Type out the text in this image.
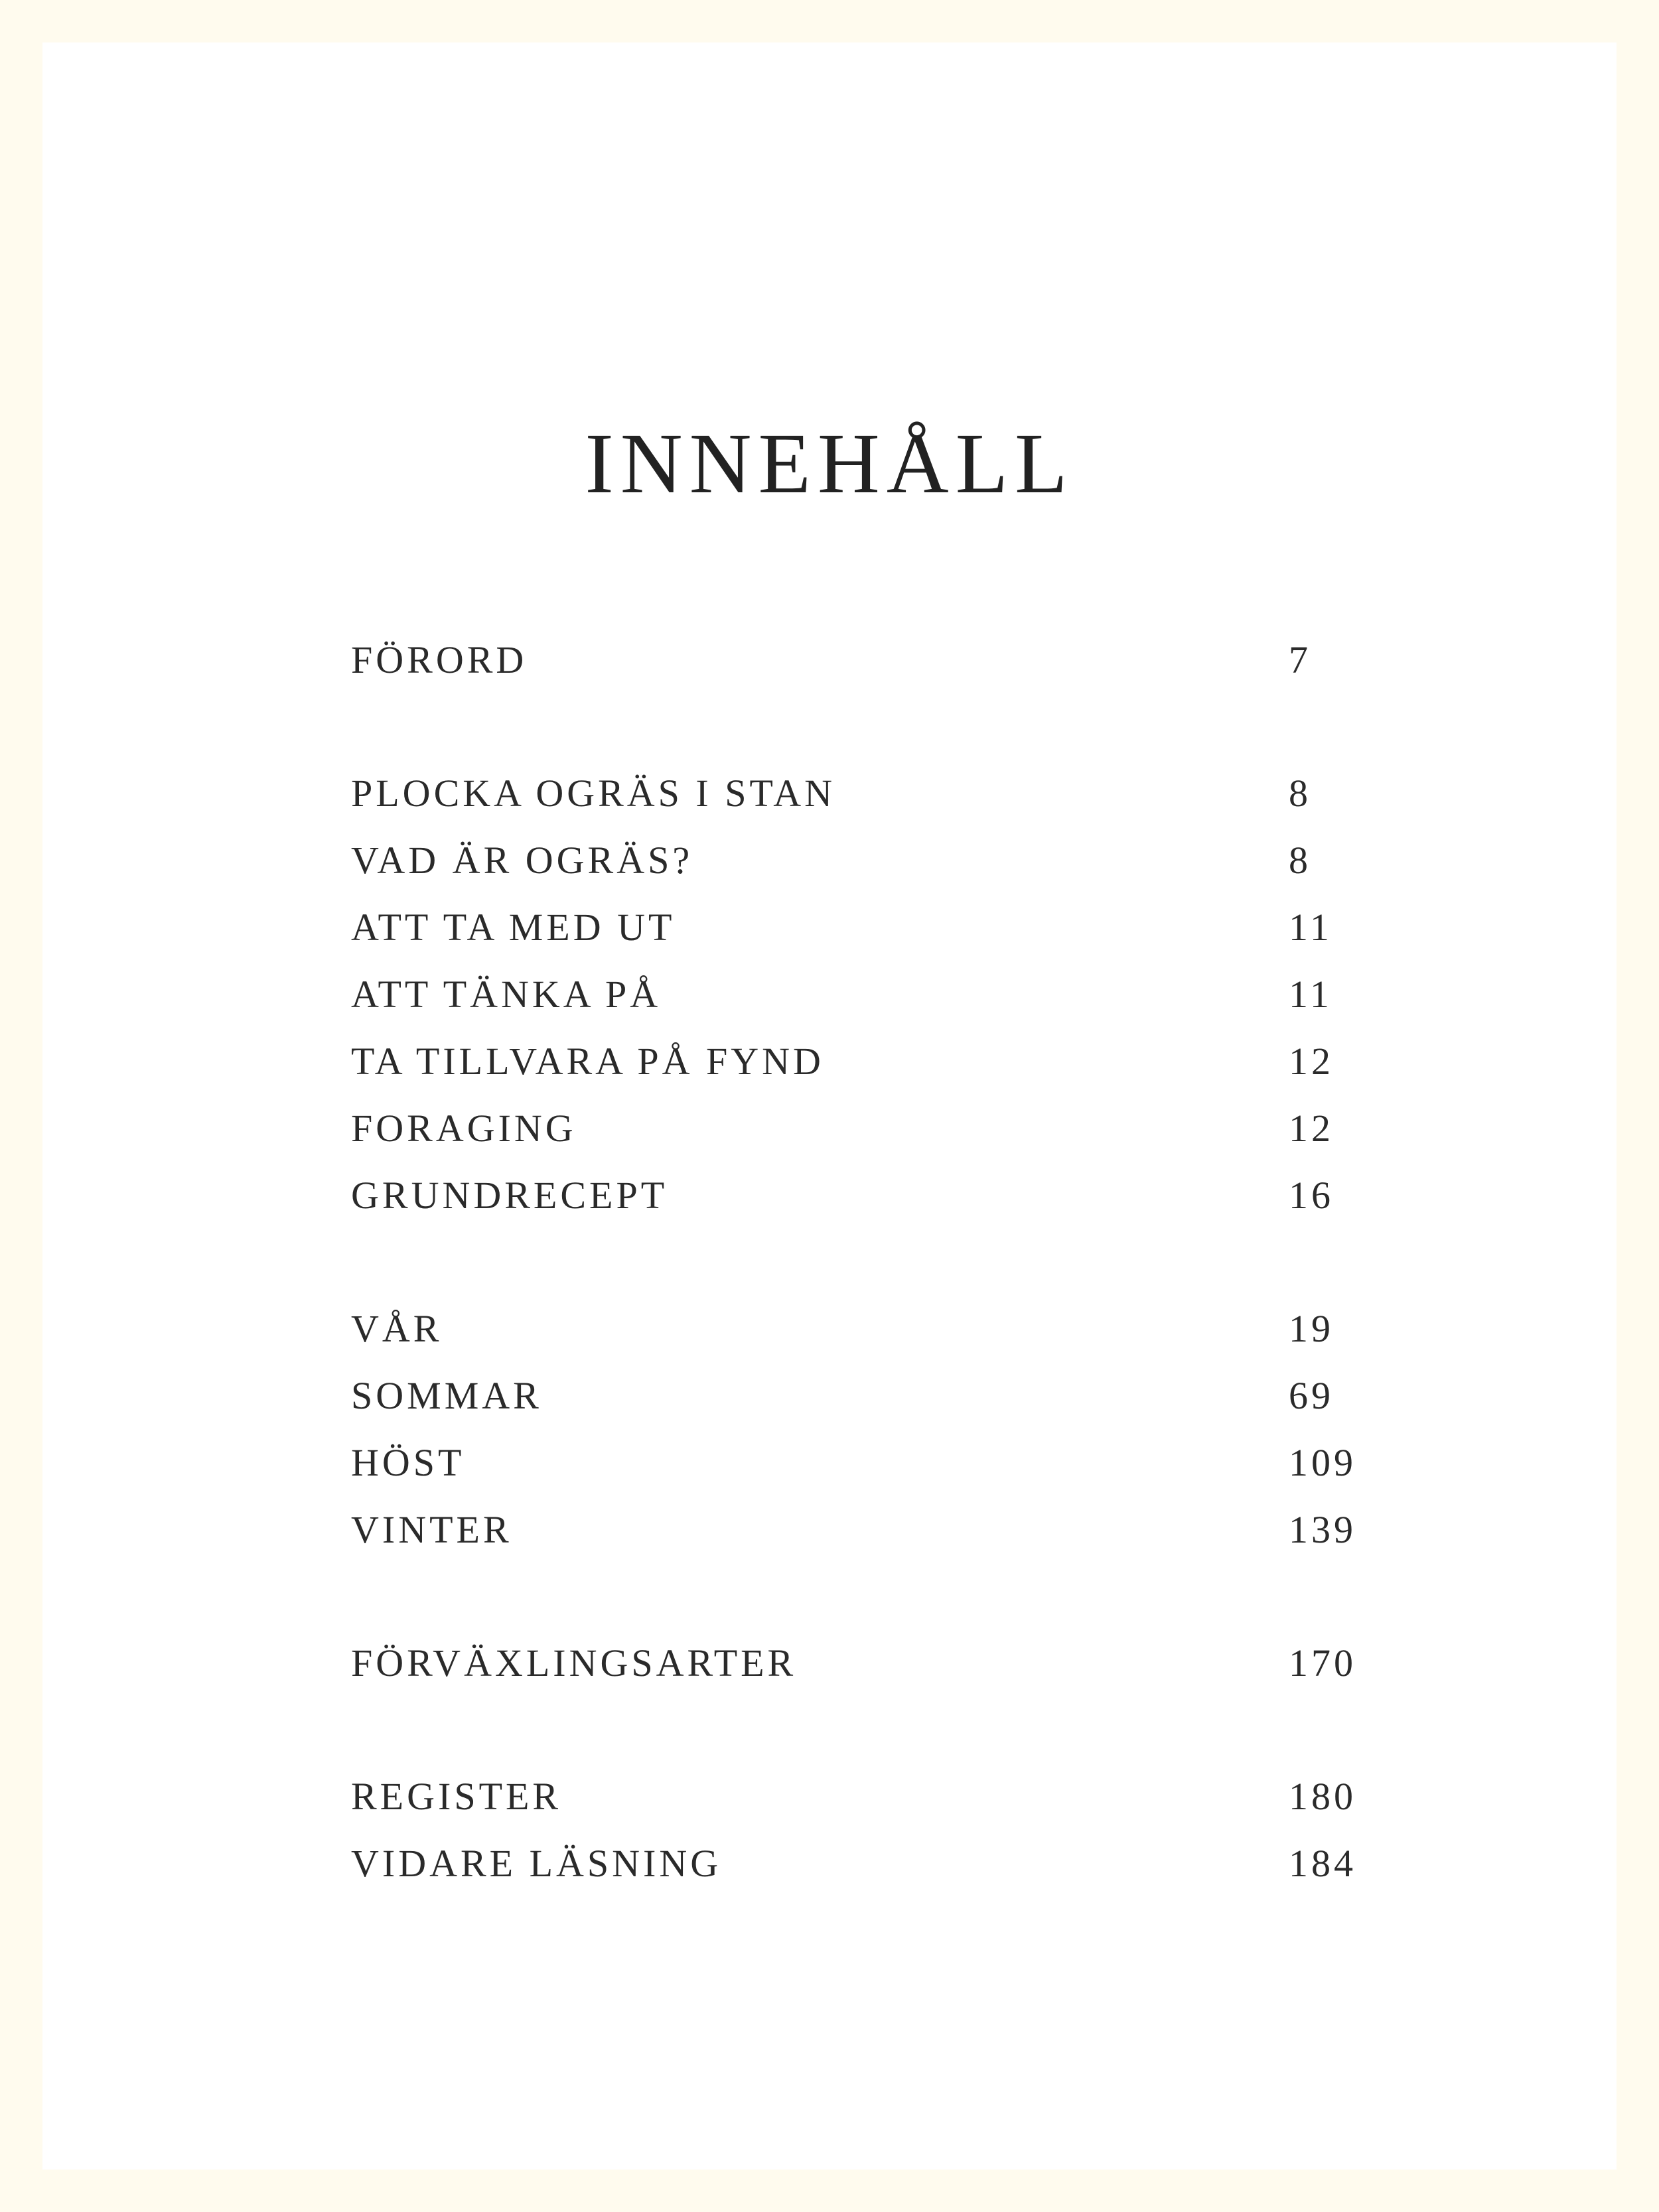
INNEHÅLL
FÖRORD	7
PLOCKA OGRÄS I STAN	8
VAD ÄR OGRÄS?	8
ATT TA MED UT	11
ATT TÄNKA PÅ	11
TA TILLVARA PÅ FYND	12
FORAGING	12
GRUNDRECEPT	16
VÅR	19
SOMMAR	69
HÖST	109
VINTER	139
FÖRVÄXLINGSARTER	170
REGISTER	180
VIDARE LÄSNING	184
